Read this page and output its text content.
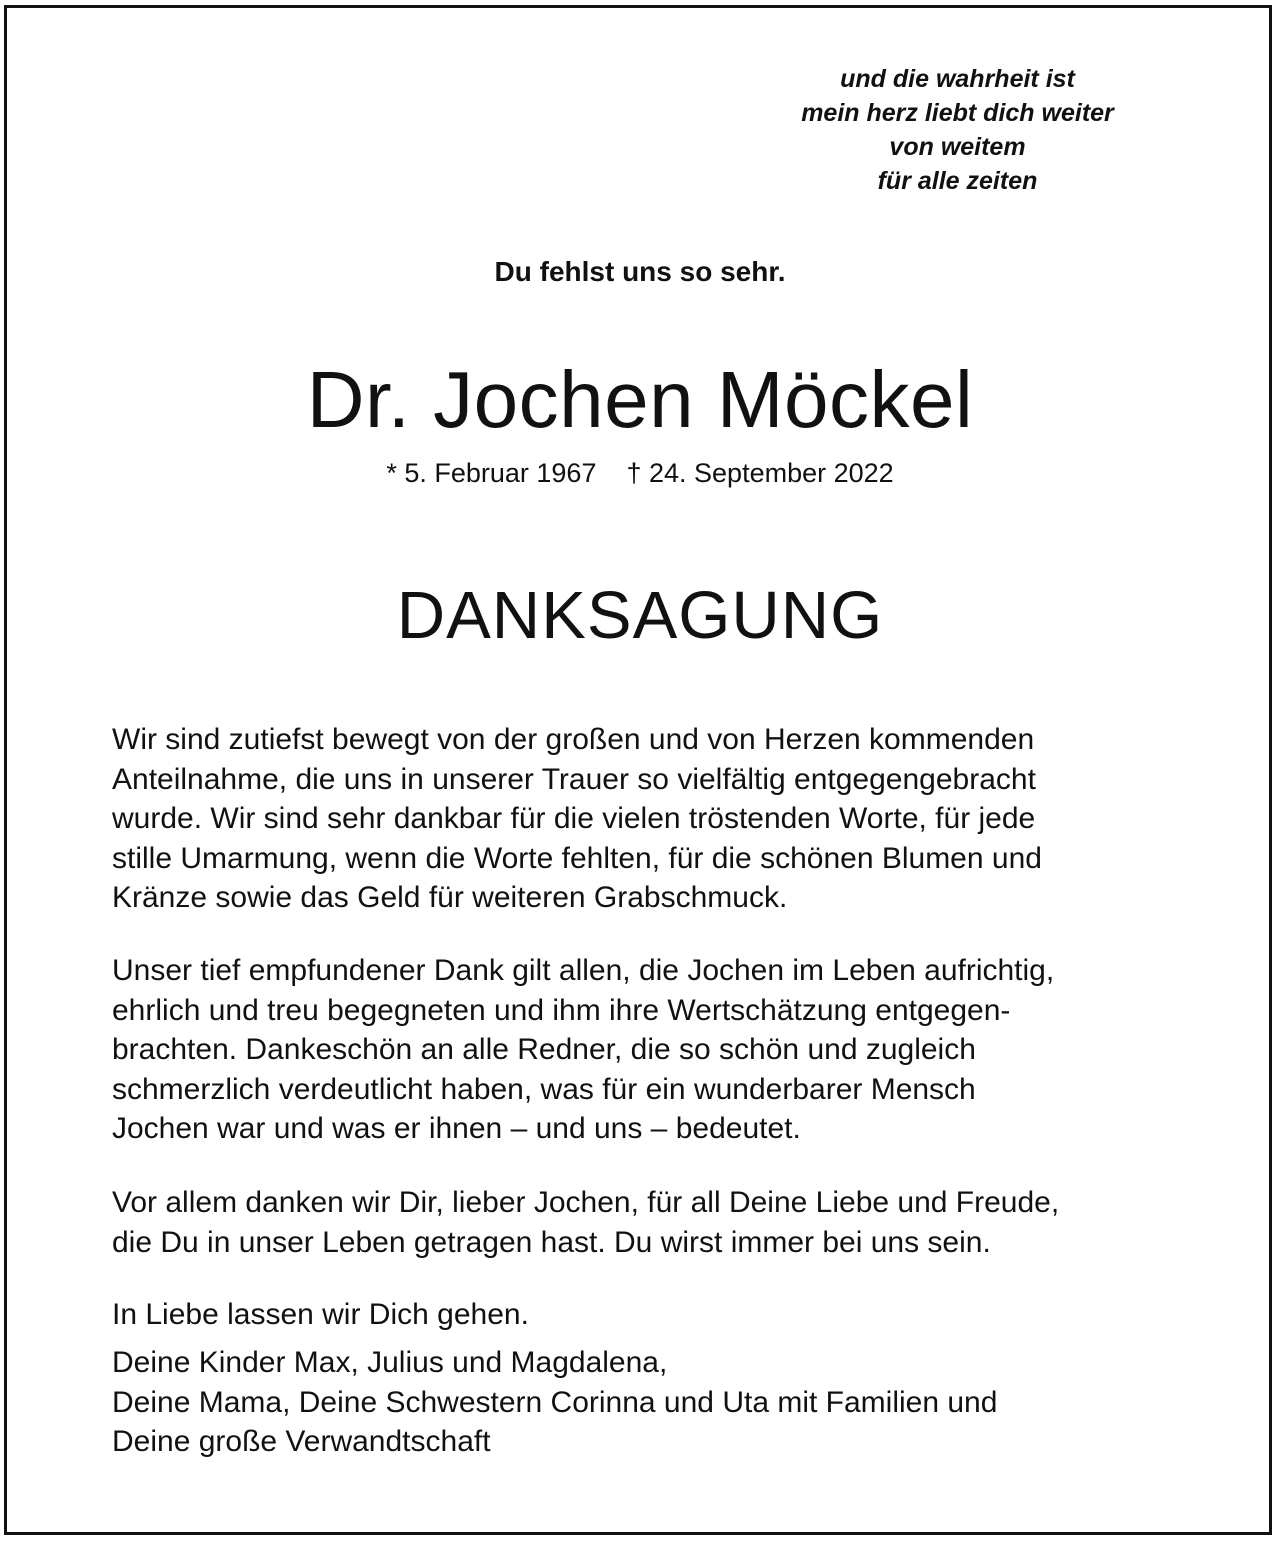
und die wahrheit ist
mein herz liebt dich weiter
von weitem
für alle zeiten
Du fehlst uns so sehr.
Dr. Jochen Möckel
* 5. Februar 1967 † 24. September 2022
DANKSAGUNG
Wir sind zutiefst bewegt von der großen und von Herzen kommenden
Anteilnahme, die uns in unserer Trauer so vielfältig entgegengebracht
wurde. Wir sind sehr dankbar für die vielen tröstenden Worte, für jede
stille Umarmung, wenn die Worte fehlten, für die schönen Blumen und
Kränze sowie das Geld für weiteren Grabschmuck.
Unser tief empfundener Dank gilt allen, die Jochen im Leben aufrichtig,
ehrlich und treu begegneten und ihm ihre Wertschätzung entgegen-
brachten. Dankeschön an alle Redner, die so schön und zugleich
schmerzlich verdeutlicht haben, was für ein wunderbarer Mensch
Jochen war und was er ihnen – und uns – bedeutet.
Vor allem danken wir Dir, lieber Jochen, für all Deine Liebe und Freude,
die Du in unser Leben getragen hast. Du wirst immer bei uns sein.
In Liebe lassen wir Dich gehen.
Deine Kinder Max, Julius und Magdalena,
Deine Mama, Deine Schwestern Corinna und Uta mit Familien und
Deine große Verwandtschaft
